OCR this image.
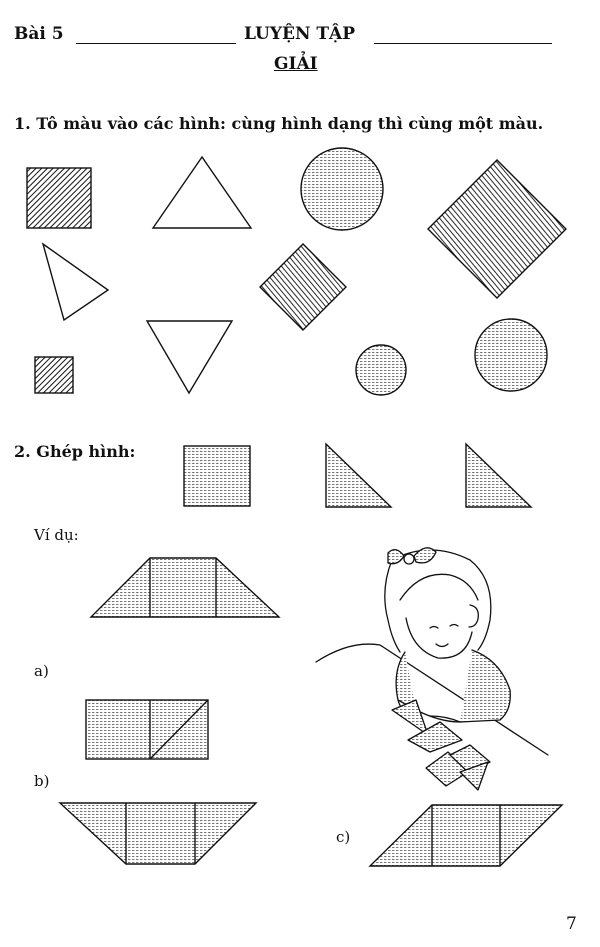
Bài 5	LUYỆN TẬP
GIẢI
1. Tô màu vào các hình: cùng hình dạng thì cùng một màu.
2. Ghép hình:
Ví dụ:
a)
b)
c)
7
